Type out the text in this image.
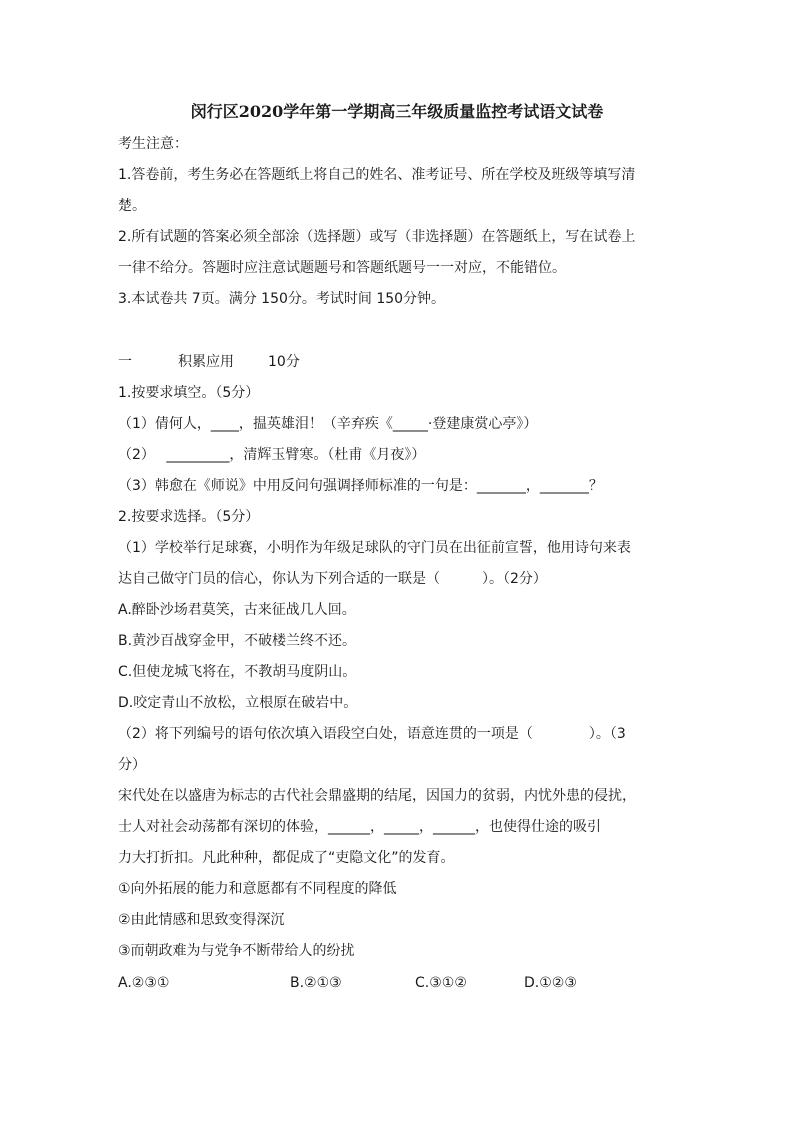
闵行区2020学年第一学期高三年级质量监控考试语文试卷
考生注意：
1.答卷前，考生务必在答题纸上将自己的姓名、准考证号、所在学校及班级等填写清
楚。
2.所有试题的答案必须全部涂（选择题）或写（非选择题）在答题纸上，写在试卷上
一律不给分。答题时应注意试题题号和答题纸题号一一对应，不能错位。
3.本试卷共 7页。满分 150分。考试时间 150分钟。
一	积累应用 10分
1.按要求填空。（5分）
（1）倩何人，____，揾英雄泪！（辛弃疾《_____·登建康赏心亭》）
（2）　 _________，清辉玉臂寒。（杜甫《月夜》）
（3）韩愈在《师说》中用反问句强调择师标准的一句是：_______，_______？
2.按要求选择。（5分）
（1）学校举行足球赛，小明作为年级足球队的守门员在出征前宣誓，他用诗句来表
达自己做守门员的信心，你认为下列合适的一联是（　　　）。（2分）
A.醉卧沙场君莫笑，古来征战几人回。
B.黄沙百战穿金甲，不破楼兰终不还。
C.但使龙城飞将在，不教胡马度阴山。
D.咬定青山不放松，立根原在破岩中。
（2）将下列编号的语句依次填入语段空白处，语意连贯的一项是（　　　　）。（3
分）
宋代处在以盛唐为标志的古代社会鼎盛期的结尾，因国力的贫弱，内忧外患的侵扰，
士人对社会动荡都有深切的体验，______，_____，______，也使得仕途的吸引
力大打折扣。凡此种种，都促成了“吏隐文化”的发育。
①向外拓展的能力和意愿都有不同程度的降低
②由此情感和思致变得深沉
③而朝政难为与党争不断带给人的纷扰
A.②③①	B.②①③	C.③①②	D.①②③
